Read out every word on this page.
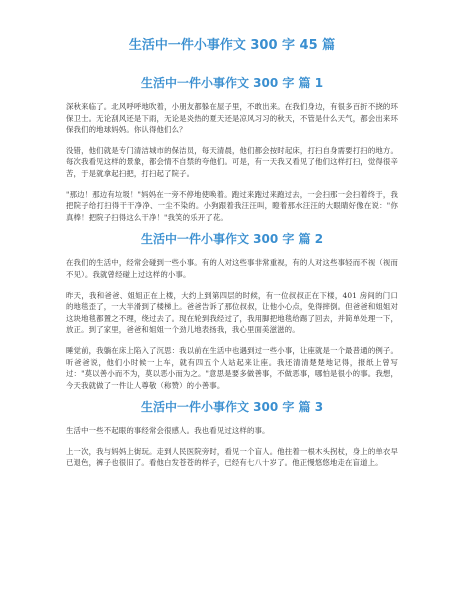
生活中一件小事作文 300 字 45 篇
生活中一件小事作文 300 字 篇 1

深秋来临了。北风呼呼地吹着，小朋友都躲在屋子里，不敢出来。在我们身边，有很多百折不挠的环保卫士。无论刮风还是下雨，无论是炎热的夏天还是凉风习习的秋天，不管是什么天气，都会出来环保我们的地球妈妈。你认得他们么？

没错，他们就是专门清洁城市的保洁员，每天清晨，他们都会按时起床，打扫自身需要打扫的地方。每次我看见这样的景象，都会情不自禁的夸他们。可是，有一天我又看见了他们这样打扫，觉得很辛苦，于是就拿起扫把，打扫起了院子。

"那边！那边有垃圾！"妈妈在一旁不停地使唤着。跑过来跑过来跑过去，一会扫那一会扫着终于，我把院子给打扫得干干净净、一尘不染的。小狗跟着我汪汪叫，瞪着那水汪汪的大眼睛好像在说："你真棒！把院子扫得这么干净！"我笑的乐开了花。

生活中一件小事作文 300 字 篇 2

在我们的生活中，经常会碰到一些小事。有的人对这些事非常重视，有的人对这些事轻而不视（视而不见）。我就曾经碰上过这样的小事。

昨天，我和爸爸、姐姐正在上楼，大约上到第四层的时候，有一位叔叔正在下楼，401 房间的门口的地毯歪了，一大半滑到了楼梯上。爸爸告诉了那位叔叔，让他小心点，免得摔倒。但爸爸和姐姐对这块地毯都置之不理，绕过去了。现在轮到我经过了，我用脚把地毯给踢了回去，并简单处理一下，放正。到了家里，爸爸和姐姐一个劲儿地表扬我，我心里面美滋滋的。

睡觉前，我躺在床上陷入了沉思：我以前在生活中也遇到过一些小事，让座就是一个最普通的例子。听爸爸说，他们小时候一上车，就有四五个人站起来让座。我还清清楚楚地记得，报纸上曾写过："莫以善小而不为，莫以恶小而为之。"意思是要多做善事，不做恶事，哪怕是很小的事。我想，今天我就做了一件让人尊敬（称赞）的小善事。

生活中一件小事作文 300 字 篇 3

生活中一些不起眼的事经常会很感人。我也看见过这样的事。

上一次，我与妈妈上街玩。走到人民医院旁时，看见一个盲人。他拄着一根木头拐杖，身上的单衣早已退色，裤子也很旧了。看他白发苍苍的样子，已经有七八十岁了。他正慢悠悠地走在盲道上。
